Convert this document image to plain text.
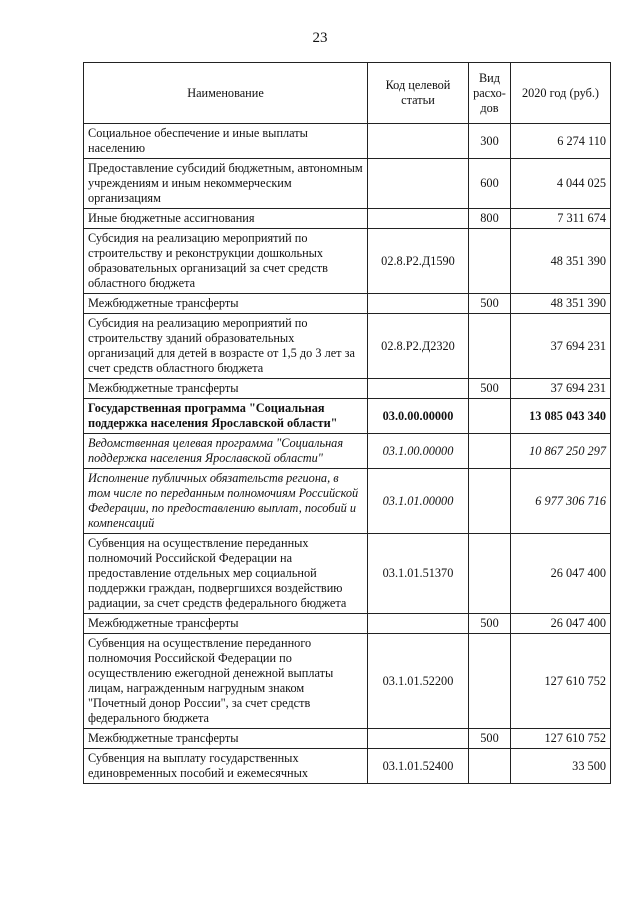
23
Наименование	Код целевой статьи	Вид расхо-дов	2020 год (руб.)
Социальное обеспечение и иные выплаты населению		300	6 274 110
Предоставление субсидий бюджетным, автономным учреждениям и иным некоммерческим организациям		600	4 044 025
Иные бюджетные ассигнования		800	7 311 674
Субсидия на реализацию мероприятий по строительству и реконструкции дошкольных образовательных организаций за счет средств областного бюджета	02.8.Р2.Д1590		48 351 390
Межбюджетные трансферты		500	48 351 390
Субсидия на реализацию мероприятий по строительству зданий образовательных организаций для детей в возрасте от 1,5 до 3 лет за счет средств областного бюджета	02.8.Р2.Д2320		37 694 231
Межбюджетные трансферты		500	37 694 231
Государственная программа "Социальная поддержка населения Ярославской области"	03.0.00.00000		13 085 043 340
Ведомственная целевая программа "Социальная поддержка населения Ярославской области"	03.1.00.00000		10 867 250 297
Исполнение публичных обязательств региона, в том числе по переданным полномочиям Российской Федерации, по предоставлению выплат, пособий и компенсаций	03.1.01.00000		6 977 306 716
Субвенция на осуществление переданных полномочий Российской Федерации на предоставление отдельных мер социальной поддержки граждан, подвергшихся воздействию радиации, за счет средств федерального бюджета	03.1.01.51370		26 047 400
Межбюджетные трансферты		500	26 047 400
Субвенция на осуществление переданного полномочия Российской Федерации по осуществлению ежегодной денежной выплаты лицам, награжденным нагрудным знаком "Почетный донор России", за счет средств федерального бюджета	03.1.01.52200		127 610 752
Межбюджетные трансферты		500	127 610 752
Субвенция на выплату государственных единовременных пособий и ежемесячных	03.1.01.52400		33 500
